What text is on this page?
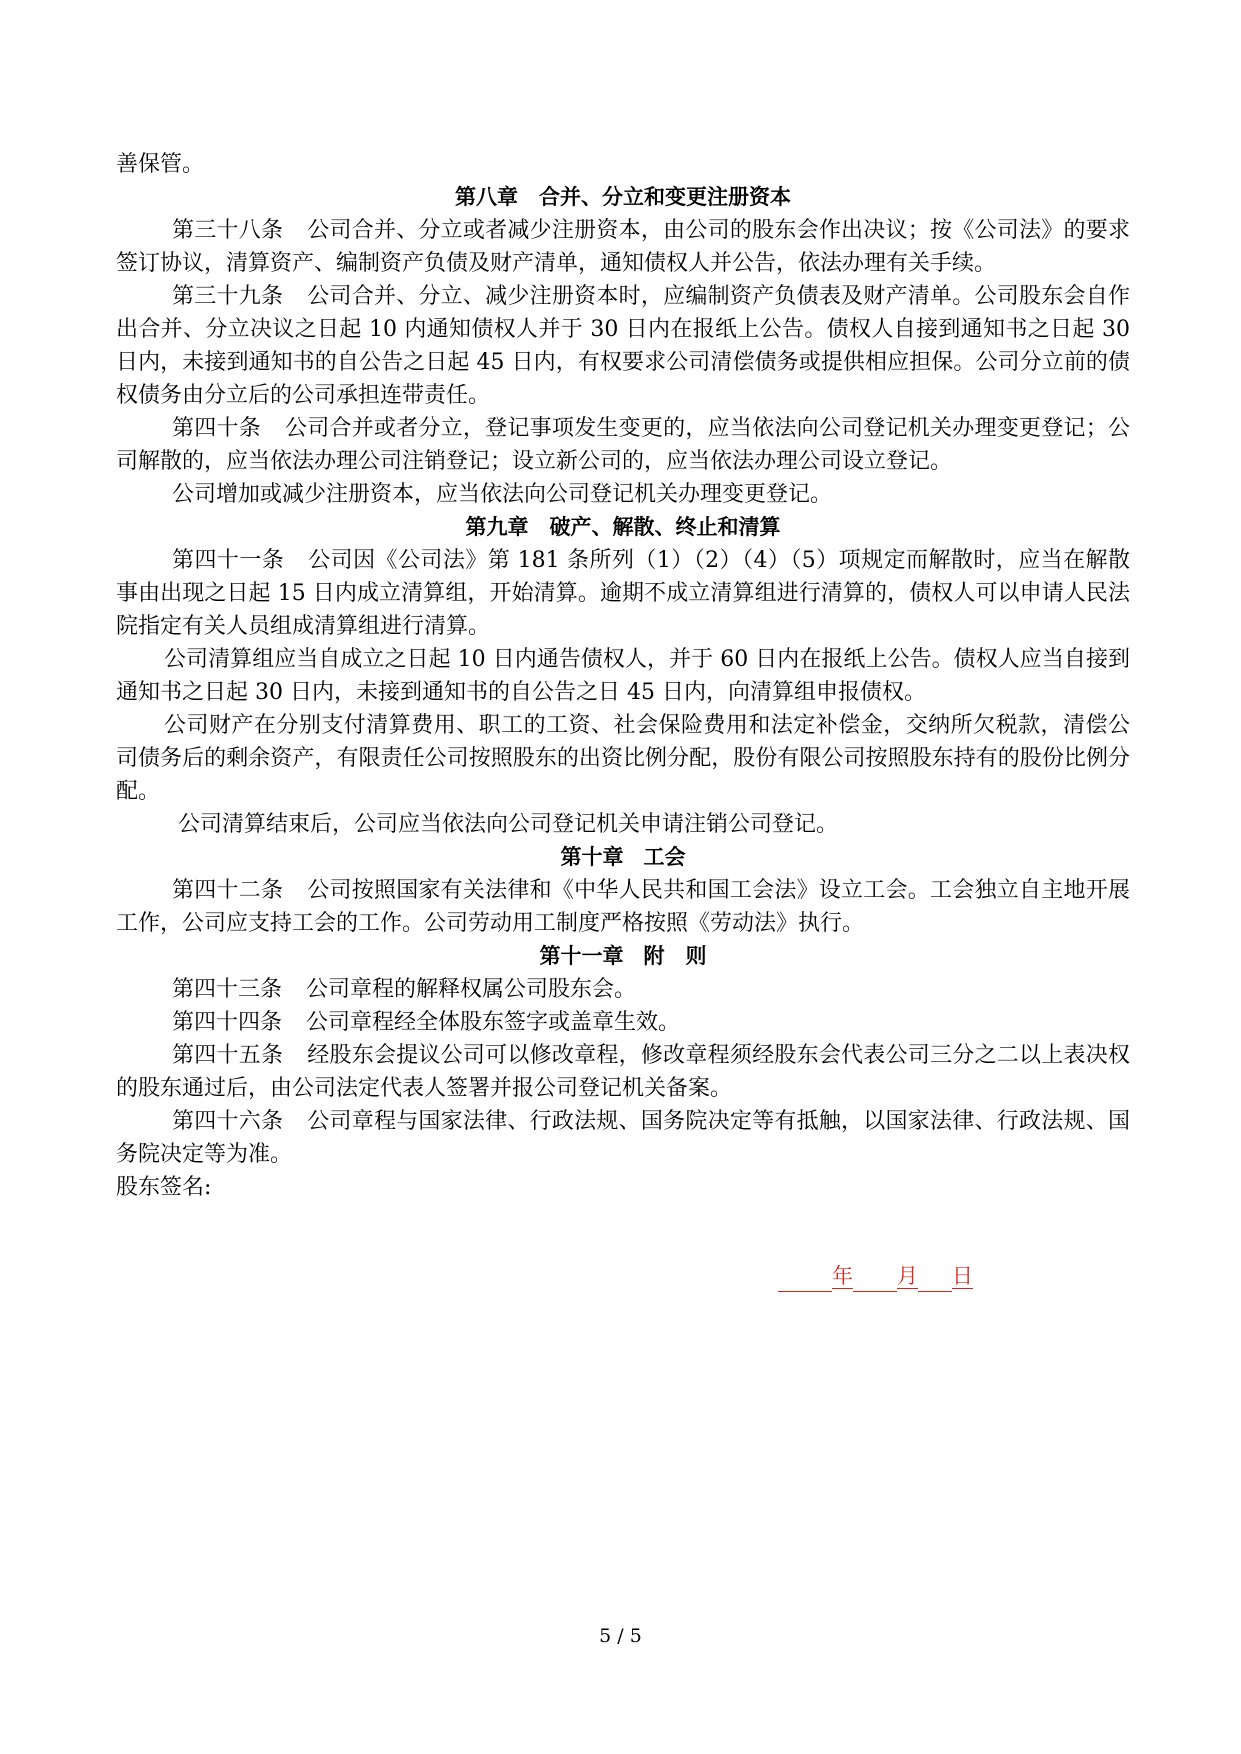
善保管。

第八章　合并、分立和变更注册资本

第三十八条 公司合并、分立或者减少注册资本，由公司的股东会作出决议；按《公司法》的要求签订协议，清算资产、编制资产负债及财产清单，通知债权人并公告，依法办理有关手续。

第三十九条 公司合并、分立、减少注册资本时，应编制资产负债表及财产清单。公司股东会自作出合并、分立决议之日起 10 内通知债权人并于 30 日内在报纸上公告。债权人自接到通知书之日起 30 日内，未接到通知书的自公告之日起 45 日内，有权要求公司清偿债务或提供相应担保。公司分立前的债权债务由分立后的公司承担连带责任。

第四十条 公司合并或者分立，登记事项发生变更的，应当依法向公司登记机关办理变更登记；公司解散的，应当依法办理公司注销登记；设立新公司的，应当依法办理公司设立登记。

公司增加或减少注册资本，应当依法向公司登记机关办理变更登记。

第九章　破产、解散、终止和清算

第四十一条 公司因《公司法》第 181 条所列（1）（2）（4）（5）项规定而解散时，应当在解散事由出现之日起 15 日内成立清算组，开始清算。逾期不成立清算组进行清算的，债权人可以申请人民法院指定有关人员组成清算组进行清算。

公司清算组应当自成立之日起 10 日内通告债权人，并于 60 日内在报纸上公告。债权人应当自接到通知书之日起 30 日内，未接到通知书的自公告之日 45 日内，向清算组申报债权。

公司财产在分别支付清算费用、职工的工资、社会保险费用和法定补偿金，交纳所欠税款，清偿公司债务后的剩余资产，有限责任公司按照股东的出资比例分配，股份有限公司按照股东持有的股份比例分配。

公司清算结束后，公司应当依法向公司登记机关申请注销公司登记。

第十章 工会

第四十二条 公司按照国家有关法律和《中华人民共和国工会法》设立工会。工会独立自主地开展工作，公司应支持工会的工作。公司劳动用工制度严格按照《劳动法》执行。

第十一章 附　则

第四十三条 公司章程的解释权属公司股东会。

第四十四条 公司章程经全体股东签字或盖章生效。

第四十五条 经股东会提议公司可以修改章程，修改章程须经股东会代表公司三分之二以上表决权的股东通过后，由公司法定代表人签署并报公司登记机关备案。

第四十六条 公司章程与国家法律、行政法规、国务院决定等有抵触，以国家法律、行政法规、国务院决定等为准。

股东签名:

年 月 日
5 / 5
